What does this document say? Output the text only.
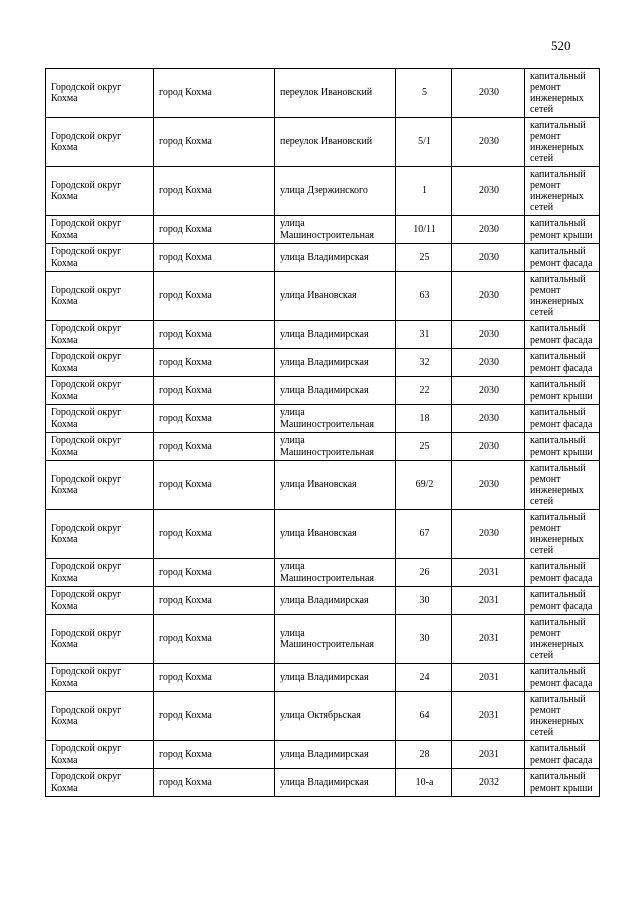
520
Городской округ Кохма	город Кохма	переулок Ивановский	5	2030	капитальный ремонт инженерных сетей
Городской округ Кохма	город Кохма	переулок Ивановский	5/1	2030	капитальный ремонт инженерных сетей
Городской округ Кохма	город Кохма	улица Дзержинского	1	2030	капитальный ремонт инженерных сетей
Городской округ Кохма	город Кохма	улица Машиностроительная	10/11	2030	капитальный ремонт крыши
Городской округ Кохма	город Кохма	улица Владимирская	25	2030	капитальный ремонт фасада
Городской округ Кохма	город Кохма	улица Ивановская	63	2030	капитальный ремонт инженерных сетей
Городской округ Кохма	город Кохма	улица Владимирская	31	2030	капитальный ремонт фасада
Городской округ Кохма	город Кохма	улица Владимирская	32	2030	капитальный ремонт фасада
Городской округ Кохма	город Кохма	улица Владимирская	22	2030	капитальный ремонт крыши
Городской округ Кохма	город Кохма	улица Машиностроительная	18	2030	капитальный ремонт фасада
Городской округ Кохма	город Кохма	улица Машиностроительная	25	2030	капитальный ремонт крыши
Городской округ Кохма	город Кохма	улица Ивановская	69/2	2030	капитальный ремонт инженерных сетей
Городской округ Кохма	город Кохма	улица Ивановская	67	2030	капитальный ремонт инженерных сетей
Городской округ Кохма	город Кохма	улица Машиностроительная	26	2031	капитальный ремонт фасада
Городской округ Кохма	город Кохма	улица Владимирская	30	2031	капитальный ремонт фасада
Городской округ Кохма	город Кохма	улица Машиностроительная	30	2031	капитальный ремонт инженерных сетей
Городской округ Кохма	город Кохма	улица Владимирская	24	2031	капитальный ремонт фасада
Городской округ Кохма	город Кохма	улица Октябрьская	64	2031	капитальный ремонт инженерных сетей
Городской округ Кохма	город Кохма	улица Владимирская	28	2031	капитальный ремонт фасада
Городской округ Кохма	город Кохма	улица Владимирская	10-а	2032	капитальный ремонт крыши
